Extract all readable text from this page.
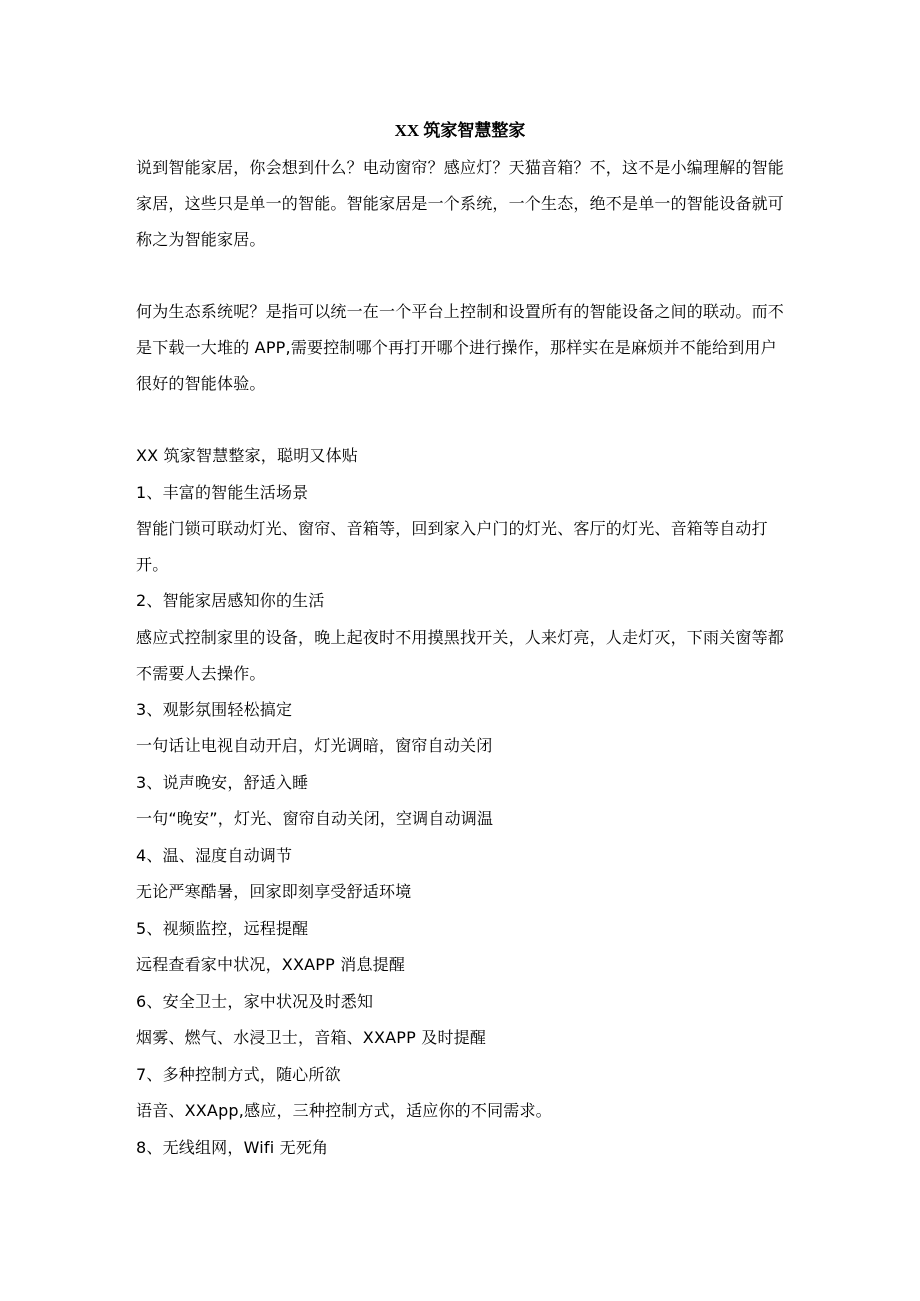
XX 筑家智慧整家

说到智能家居，你会想到什么？电动窗帘？感应灯？天猫音箱？不，这不是小编理解的智能家居，这些只是单一的智能。智能家居是一个系统，一个生态，绝不是单一的智能设备就可称之为智能家居。

何为生态系统呢？是指可以统一在一个平台上控制和设置所有的智能设备之间的联动。而不是下载一大堆的 APP,需要控制哪个再打开哪个进行操作，那样实在是麻烦并不能给到用户很好的智能体验。

XX 筑家智慧整家，聪明又体贴

1、丰富的智能生活场景

智能门锁可联动灯光、窗帘、音箱等，回到家入户门的灯光、客厅的灯光、音箱等自动打开。

2、智能家居感知你的生活

感应式控制家里的设备，晚上起夜时不用摸黑找开关，人来灯亮，人走灯灭，下雨关窗等都不需要人去操作。

3、观影氛围轻松搞定

一句话让电视自动开启，灯光调暗，窗帘自动关闭

3、说声晚安，舒适入睡

一句“晚安”，灯光、窗帘自动关闭，空调自动调温

4、温、湿度自动调节

无论严寒酷暑，回家即刻享受舒适环境

5、视频监控，远程提醒

远程查看家中状况，XXAPP 消息提醒

6、安全卫士，家中状况及时悉知

烟雾、燃气、水浸卫士，音箱、XXAPP 及时提醒

7、多种控制方式，随心所欲

语音、XXApp,感应，三种控制方式，适应你的不同需求。

8、无线组网，Wifi 无死角
